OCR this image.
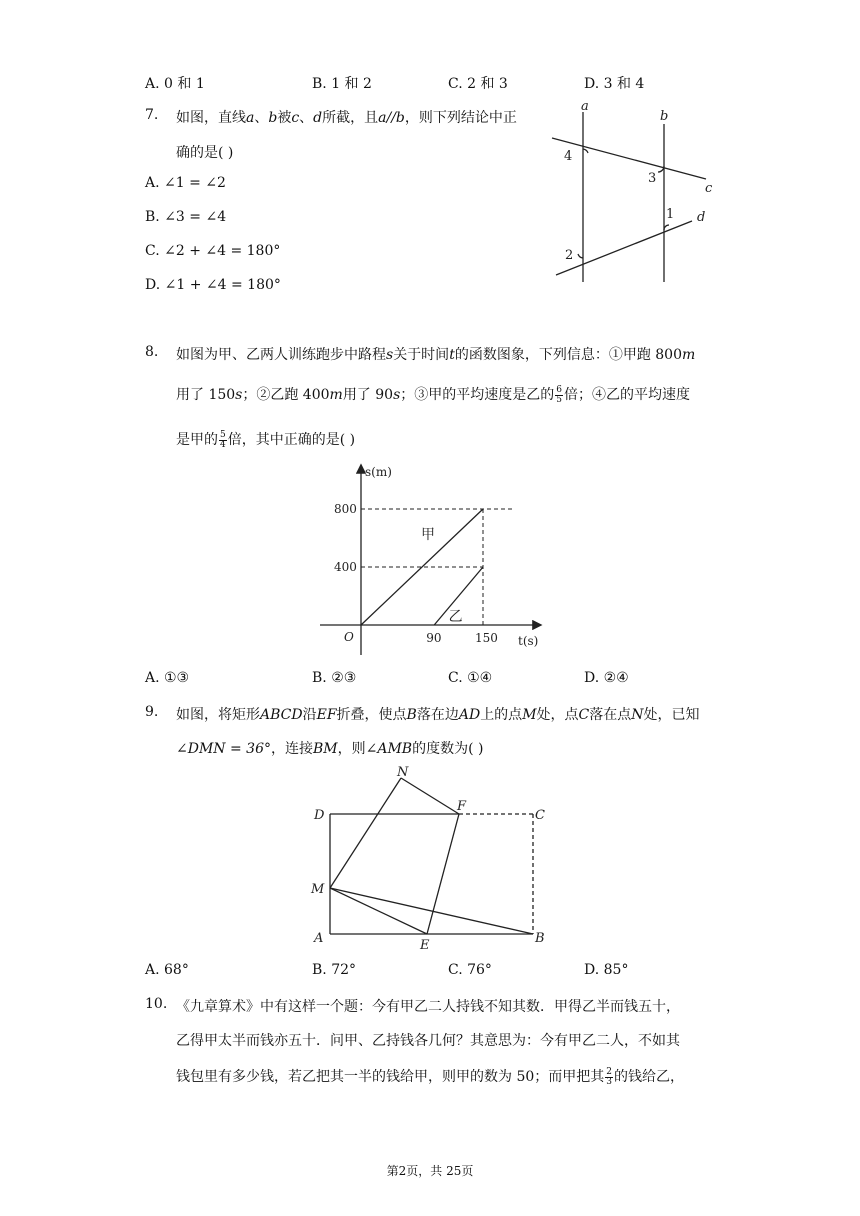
A. 0 和 1	B. 1 和 2	C. 2 和 3	D. 3 和 4
7. 如图，直线a、b被c、d所截，且a//b，则下列结论中正
确的是( )
A. ∠1 = ∠2
B. ∠3 = ∠4
C. ∠2 + ∠4 = 180°
D. ∠1 + ∠4 = 180°
a
b
c
d
4
3
1
2
8. 如图为甲、乙两人训练跑步中路程s关于时间t的函数图象，下列信息：①甲跑 800m
用了 150s；②乙跑 400m用了 90s；③甲的平均速度是乙的 $\frac{6}{5}$ 倍；④乙的平均速度
是甲的 $\frac{5}{4}$ 倍，其中正确的是( )
s(m)
t(s)
O
400
800
90	150
甲
乙
A. ①③	B. ②③	C. ①④	D. ②④
9. 如图，将矩形ABCD沿EF折叠，使点B落在边AD上的点M处，点C落在点N处，已知
∠DMN = 36°，连接BM，则∠AMB的度数为( )
N
F
D	C
M
A	E	B
A. 68°	B. 72°	C. 76°	D. 85°
10. 《九章算术》中有这样一个题：今有甲乙二人持钱不知其数．甲得乙半而钱五十，
乙得甲太半而钱亦五十．问甲、乙持钱各几何？其意思为：今有甲乙二人，不如其
钱包里有多少钱，若乙把其一半的钱给甲，则甲的数为 50；而甲把其 $\frac{2}{3}$ 的钱给乙，
第2页，共 25页
